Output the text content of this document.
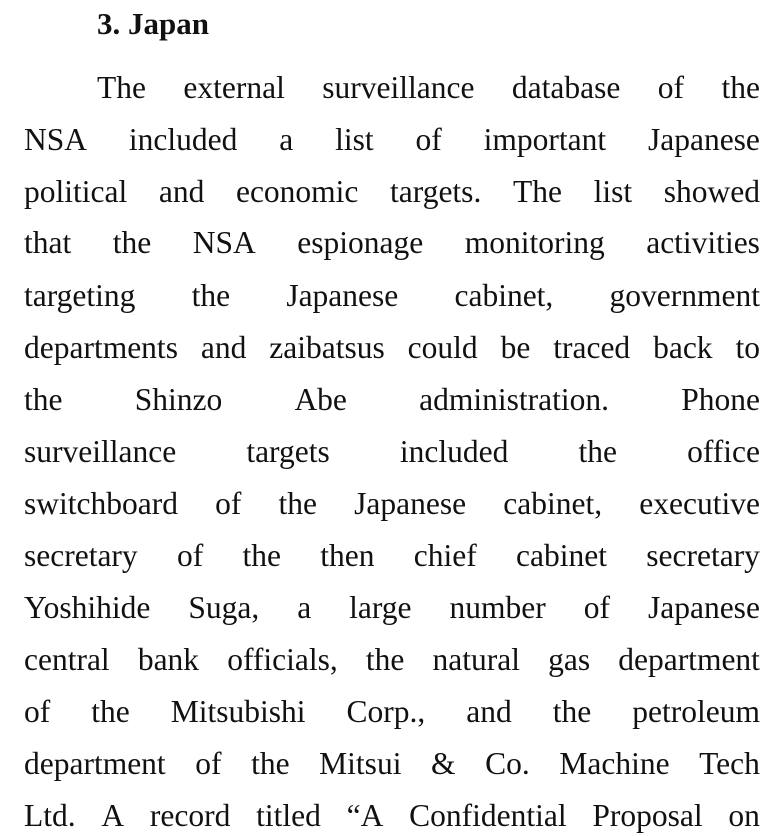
3. Japan

The external surveillance database of the

NSA included a list of important Japanese

political and economic targets. The list showed

that the NSA espionage monitoring activities

targeting the Japanese cabinet, government

departments and zaibatsus could be traced back to

the Shinzo Abe administration. Phone

surveillance targets included the office

switchboard of the Japanese cabinet, executive

secretary of the then chief cabinet secretary

Yoshihide Suga, a large number of Japanese

central bank officials, the natural gas department

of the Mitsubishi Corp., and the petroleum

department of the Mitsui & Co. Machine Tech

Ltd. A record titled “A Confidential Proposal on
